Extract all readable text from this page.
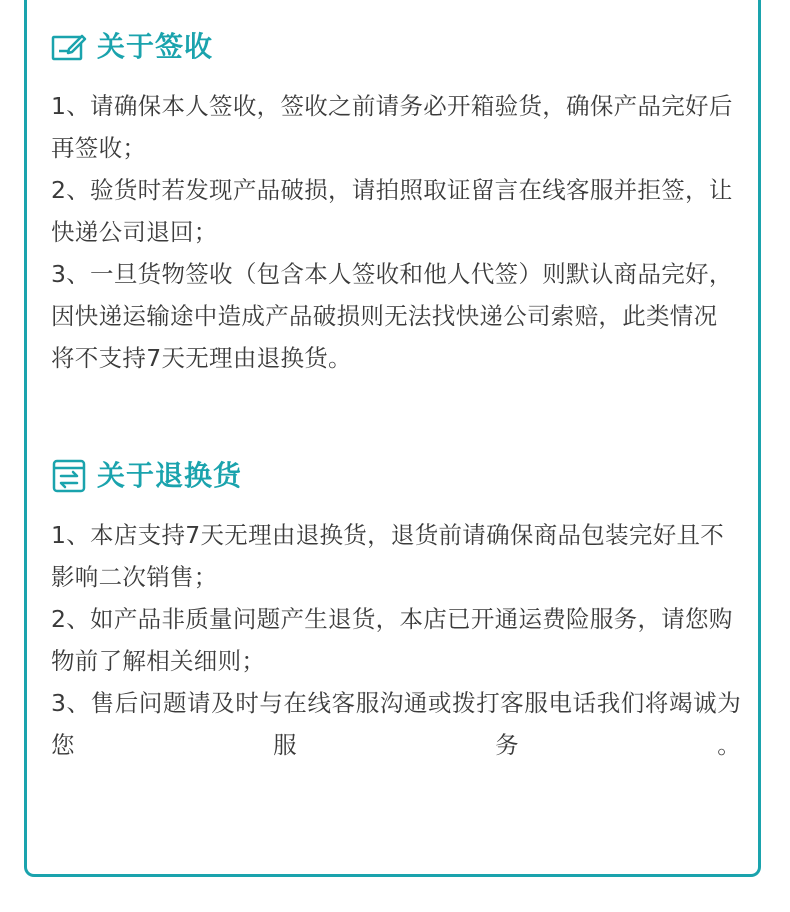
关于签收
1、请确保本人签收，签收之前请务必开箱验货，确保产品完好后再签收；
2、验货时若发现产品破损，请拍照取证留言在线客服并拒签，让快递公司退回；
3、一旦货物签收（包含本人签收和他人代签）则默认商品完好，因快递运输途中造成产品破损则无法找快递公司索赔，此类情况将不支持7天无理由退换货。
关于退换货
1、本店支持7天无理由退换货，退货前请确保商品包装完好且不影响二次销售；
2、如产品非质量问题产生退货，本店已开通运费险服务，请您购物前了解相关细则；
3、售后问题请及时与在线客服沟通或拨打客服电话我们将竭诚为您服务。
